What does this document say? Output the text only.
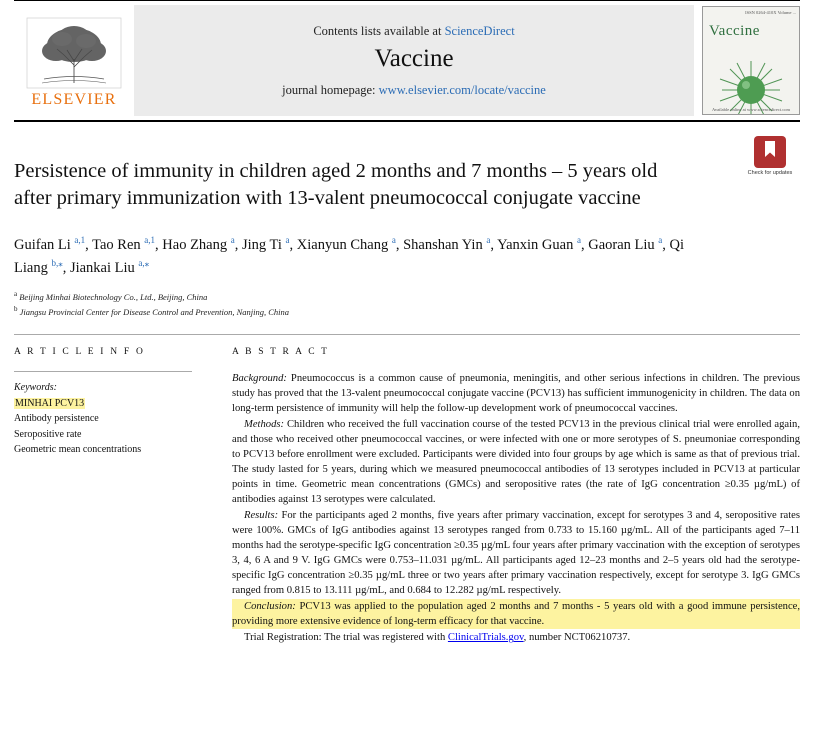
ELSEVIER
Contents lists available at ScienceDirect
Vaccine
journal homepage: www.elsevier.com/locate/vaccine
ISSN 0264-410X Volume ...
Vaccine
Available online at www.sciencedirect.com
Check for updates
Persistence of immunity in children aged 2 months and 7 months – 5 years old after primary immunization with 13-valent pneumococcal conjugate vaccine
Guifan Li $^{a,1}$, Tao Ren $^{a,1}$, Hao Zhang $^a$, Jing Ti $^a$, Xianyun Chang $^a$, Shanshan Yin $^a$, Yanxin Guan $^a$, Gaoran Liu $^a$, Qi Liang $^{b,⁎}$, Jiankai Liu $^{a,⁎}$
$^a$ Beijing Minhai Biotechnology Co., Ltd., Beijing, China
$^b$ Jiangsu Provincial Center for Disease Control and Prevention, Nanjing, China
A R T I C L E I N F O
Keywords:
MINHAI PCV13
Antibody persistence
Seropositive rate
Geometric mean concentrations
A B S T R A C T

Background: Pneumococcus is a common cause of pneumonia, meningitis, and other serious infections in children. The previous study has proved that the 13-valent pneumococcal conjugate vaccine (PCV13) has sufficient immunogenicity in children. The data on long-term persistence of immunity will help the follow-up development work of pneumococcal vaccines.

Methods: Children who received the full vaccination course of the tested PCV13 in the previous clinical trial were enrolled again, and those who received other pneumococcal vaccines, or were infected with one or more serotypes of S. pneumoniae corresponding to PCV13 before enrollment were excluded. Participants were divided into four groups by age which is same as that of previous trial. The study lasted for 5 years, during which we measured pneumococcal antibodies of 13 serotypes included in PCV13 at particular points in time. Geometric mean concentrations (GMCs) and seropositive rates (the rate of IgG concentration ≥0.35 µg/mL) of antibodies against 13 serotypes were calculated.

Results: For the participants aged 2 months, five years after primary vaccination, except for serotypes 3 and 4, seropositive rates were 100%. GMCs of IgG antibodies against 13 serotypes ranged from 0.733 to 15.160 µg/mL. All of the participants aged 7–11 months had the serotype-specific IgG concentration ≥0.35 µg/mL four years after primary vaccination with the exception of serotypes 3, 4, 6 A and 9 V. IgG GMCs were 0.753–11.031 µg/mL. All participants aged 12–23 months and 2–5 years old had the serotype-specific IgG concentration ≥0.35 µg/mL three or two years after primary vaccination respectively, except for serotype 3. IgG GMCs ranged from 0.815 to 13.111 µg/mL, and 0.684 to 12.282 µg/mL respectively.

Conclusion: PCV13 was applied to the population aged 2 months and 7 months - 5 years old with a good immune persistence, providing more extensive evidence of long-term efficacy for that vaccine.

Trial Registration: The trial was registered with ClinicalTrials.gov, number NCT06210737.
